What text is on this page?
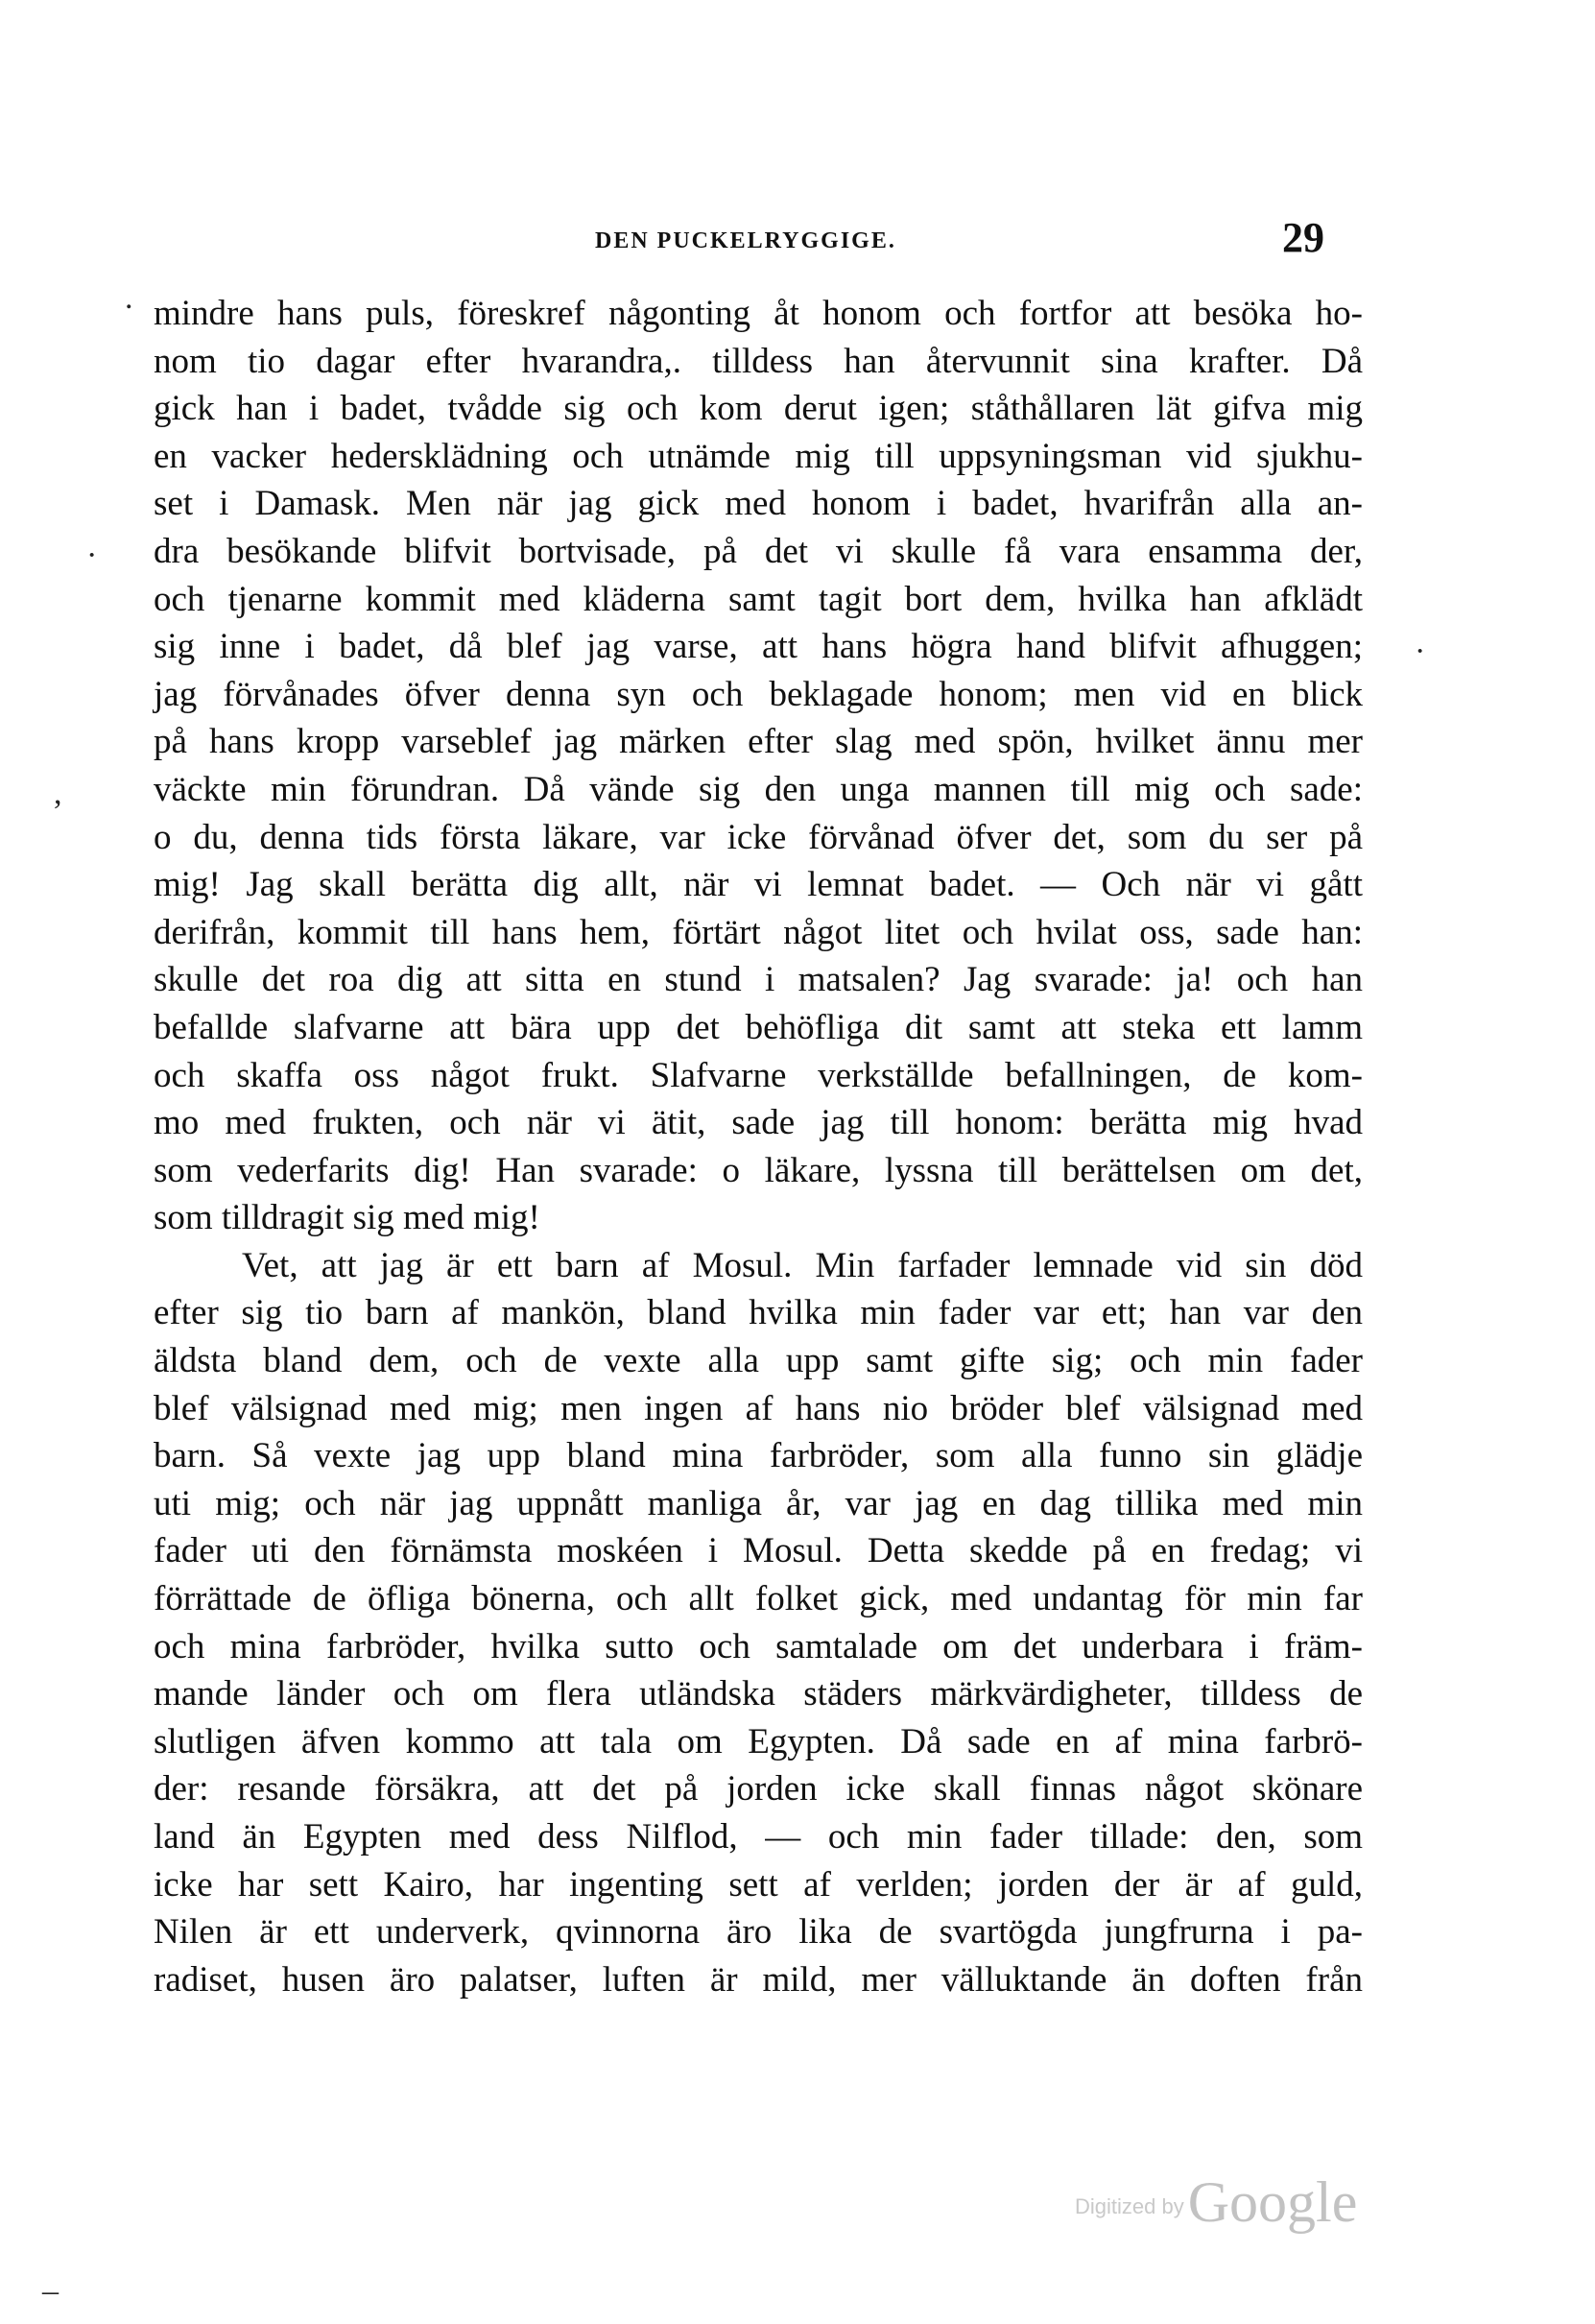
DEN PUCKELRYGGIGE.	29
.
·
·
,
–
mindre hans puls, föreskref någonting åt honom och fortfor att besöka ho-
nom tio dagar efter hvarandra,. tilldess han återvunnit sina krafter. Då
gick han i badet, tvådde sig och kom derut igen; ståthållaren lät gifva mig
en vacker hedersklädning och utnämde mig till uppsyningsman vid sjukhu-
set i Damask. Men när jag gick med honom i badet, hvarifrån alla an-
dra besökande blifvit bortvisade, på det vi skulle få vara ensamma der,
och tjenarne kommit med kläderna samt tagit bort dem, hvilka han afklädt
sig inne i badet, då blef jag varse, att hans högra hand blifvit afhuggen;
jag förvånades öfver denna syn och beklagade honom; men vid en blick
på hans kropp varseblef jag märken efter slag med spön, hvilket ännu mer
väckte min förundran. Då vände sig den unga mannen till mig och sade:
o du, denna tids första läkare, var icke förvånad öfver det, som du ser på
mig! Jag skall berätta dig allt, när vi lemnat badet. — Och när vi gått
derifrån, kommit till hans hem, förtärt något litet och hvilat oss, sade han:
skulle det roa dig att sitta en stund i matsalen? Jag svarade: ja! och han
befallde slafvarne att bära upp det behöfliga dit samt att steka ett lamm
och skaffa oss något frukt. Slafvarne verkställde befallningen, de kom-
mo med frukten, och när vi ätit, sade jag till honom: berätta mig hvad
som vederfarits dig! Han svarade: o läkare, lyssna till berättelsen om det,
som tilldragit sig med mig!
Vet, att jag är ett barn af Mosul. Min farfader lemnade vid sin död
efter sig tio barn af mankön, bland hvilka min fader var ett; han var den
äldsta bland dem, och de vexte alla upp samt gifte sig; och min fader
blef välsignad med mig; men ingen af hans nio bröder blef välsignad med
barn. Så vexte jag upp bland mina farbröder, som alla funno sin glädje
uti mig; och när jag uppnått manliga år, var jag en dag tillika med min
fader uti den förnämsta moskéen i Mosul. Detta skedde på en fredag; vi
förrättade de öfliga bönerna, och allt folket gick, med undantag för min far
och mina farbröder, hvilka sutto och samtalade om det underbara i främ-
mande länder och om flera utländska städers märkvärdigheter, tilldess de
slutligen äfven kommo att tala om Egypten. Då sade en af mina farbrö-
der: resande försäkra, att det på jorden icke skall finnas något skönare
land än Egypten med dess Nilflod, — och min fader tillade: den, som
icke har sett Kairo, har ingenting sett af verlden; jorden der är af guld,
Nilen är ett underverk, qvinnorna äro lika de svartögda jungfrurna i pa-
radiset, husen äro palatser, luften är mild, mer välluktande än doften från
Digitized by Google
